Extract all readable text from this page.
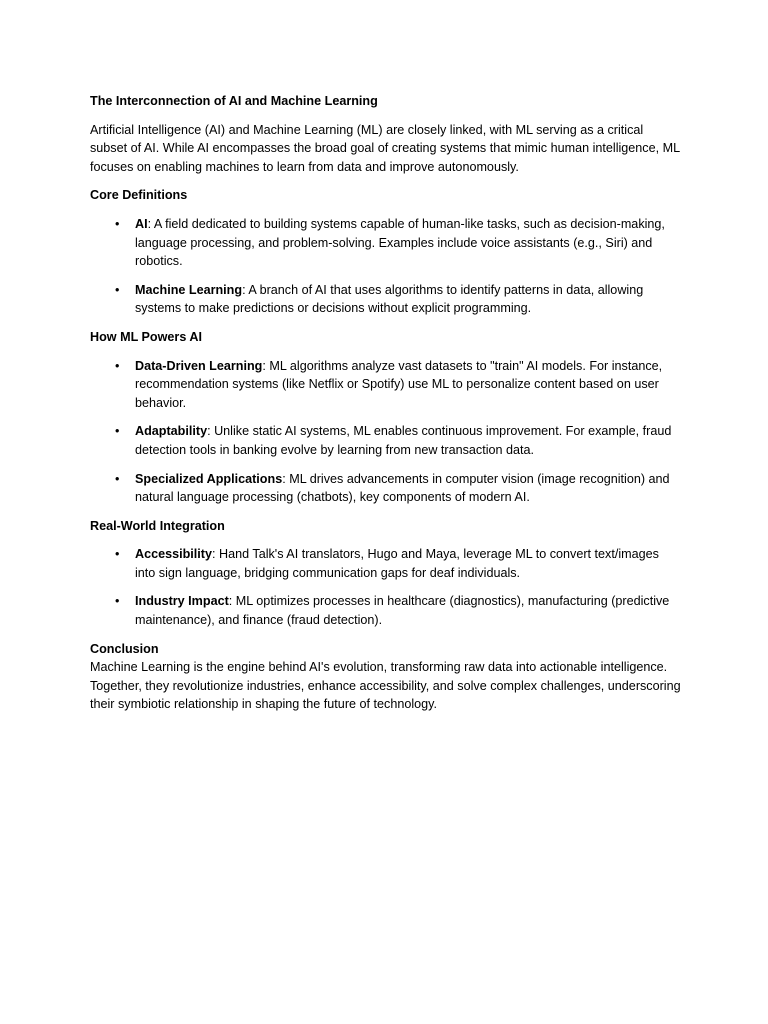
The Interconnection of AI and Machine Learning

Artificial Intelligence (AI) and Machine Learning (ML) are closely linked, with ML serving as a critical subset of AI. While AI encompasses the broad goal of creating systems that mimic human intelligence, ML focuses on enabling machines to learn from data and improve autonomously.

Core Definitions

• AI: A field dedicated to building systems capable of human-like tasks, such as decision-making, language processing, and problem-solving. Examples include voice assistants (e.g., Siri) and robotics.
• Machine Learning: A branch of AI that uses algorithms to identify patterns in data, allowing systems to make predictions or decisions without explicit programming.

How ML Powers AI

• Data-Driven Learning: ML algorithms analyze vast datasets to "train" AI models. For instance, recommendation systems (like Netflix or Spotify) use ML to personalize content based on user behavior.
• Adaptability: Unlike static AI systems, ML enables continuous improvement. For example, fraud detection tools in banking evolve by learning from new transaction data.
• Specialized Applications: ML drives advancements in computer vision (image recognition) and natural language processing (chatbots), key components of modern AI.

Real-World Integration

• Accessibility: Hand Talk's AI translators, Hugo and Maya, leverage ML to convert text/images into sign language, bridging communication gaps for deaf individuals.
• Industry Impact: ML optimizes processes in healthcare (diagnostics), manufacturing (predictive maintenance), and finance (fraud detection).

Conclusion

Machine Learning is the engine behind AI's evolution, transforming raw data into actionable intelligence. Together, they revolutionize industries, enhance accessibility, and solve complex challenges, underscoring their symbiotic relationship in shaping the future of technology.
